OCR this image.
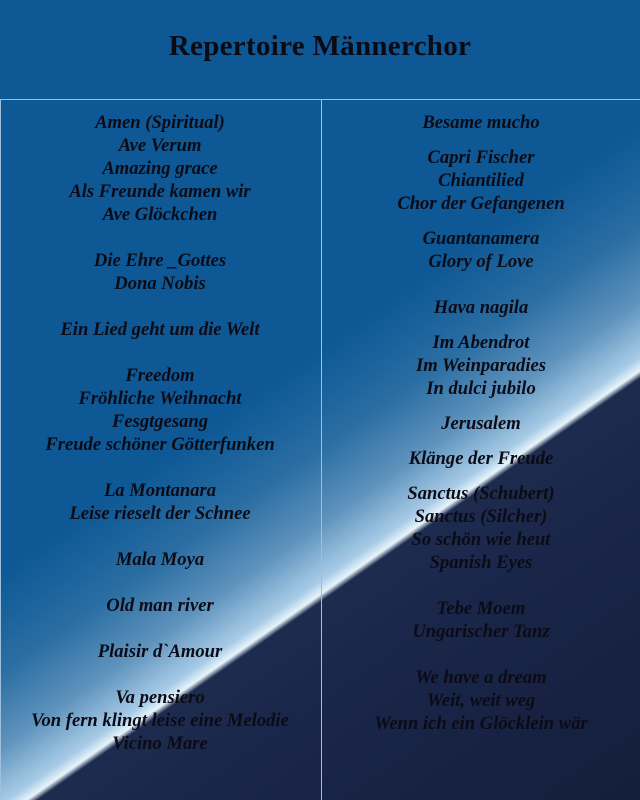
Repertoire Männerchor
Amen (Spiritual)
Ave Verum
Amazing grace
Als Freunde kamen wir
Ave Glöckchen
Die Ehre _Gottes
Dona Nobis
Ein Lied geht um die Welt
Freedom
Fröhliche Weihnacht
Fesgtgesang
Freude schöner Götterfunken
La Montanara
Leise rieselt der Schnee
Mala Moya
Old man river
Plaisir d`Amour
Va pensiero
Von fern klingt leise eine Melodie
Vicino Mare
Besame mucho
Capri Fischer
Chiantilied
Chor der Gefangenen
Guantanamera
Glory of Love
Hava nagila
Im Abendrot
Im Weinparadies
In dulci jubilo
Jerusalem
Klänge der Freude
Sanctus (Schubert)
Sanctus (Silcher)
So schön wie heut
Spanish Eyes
Tebe Moem
Ungarischer Tanz
We have a dream
Weit, weit weg
Wenn ich ein Glöcklein wär
